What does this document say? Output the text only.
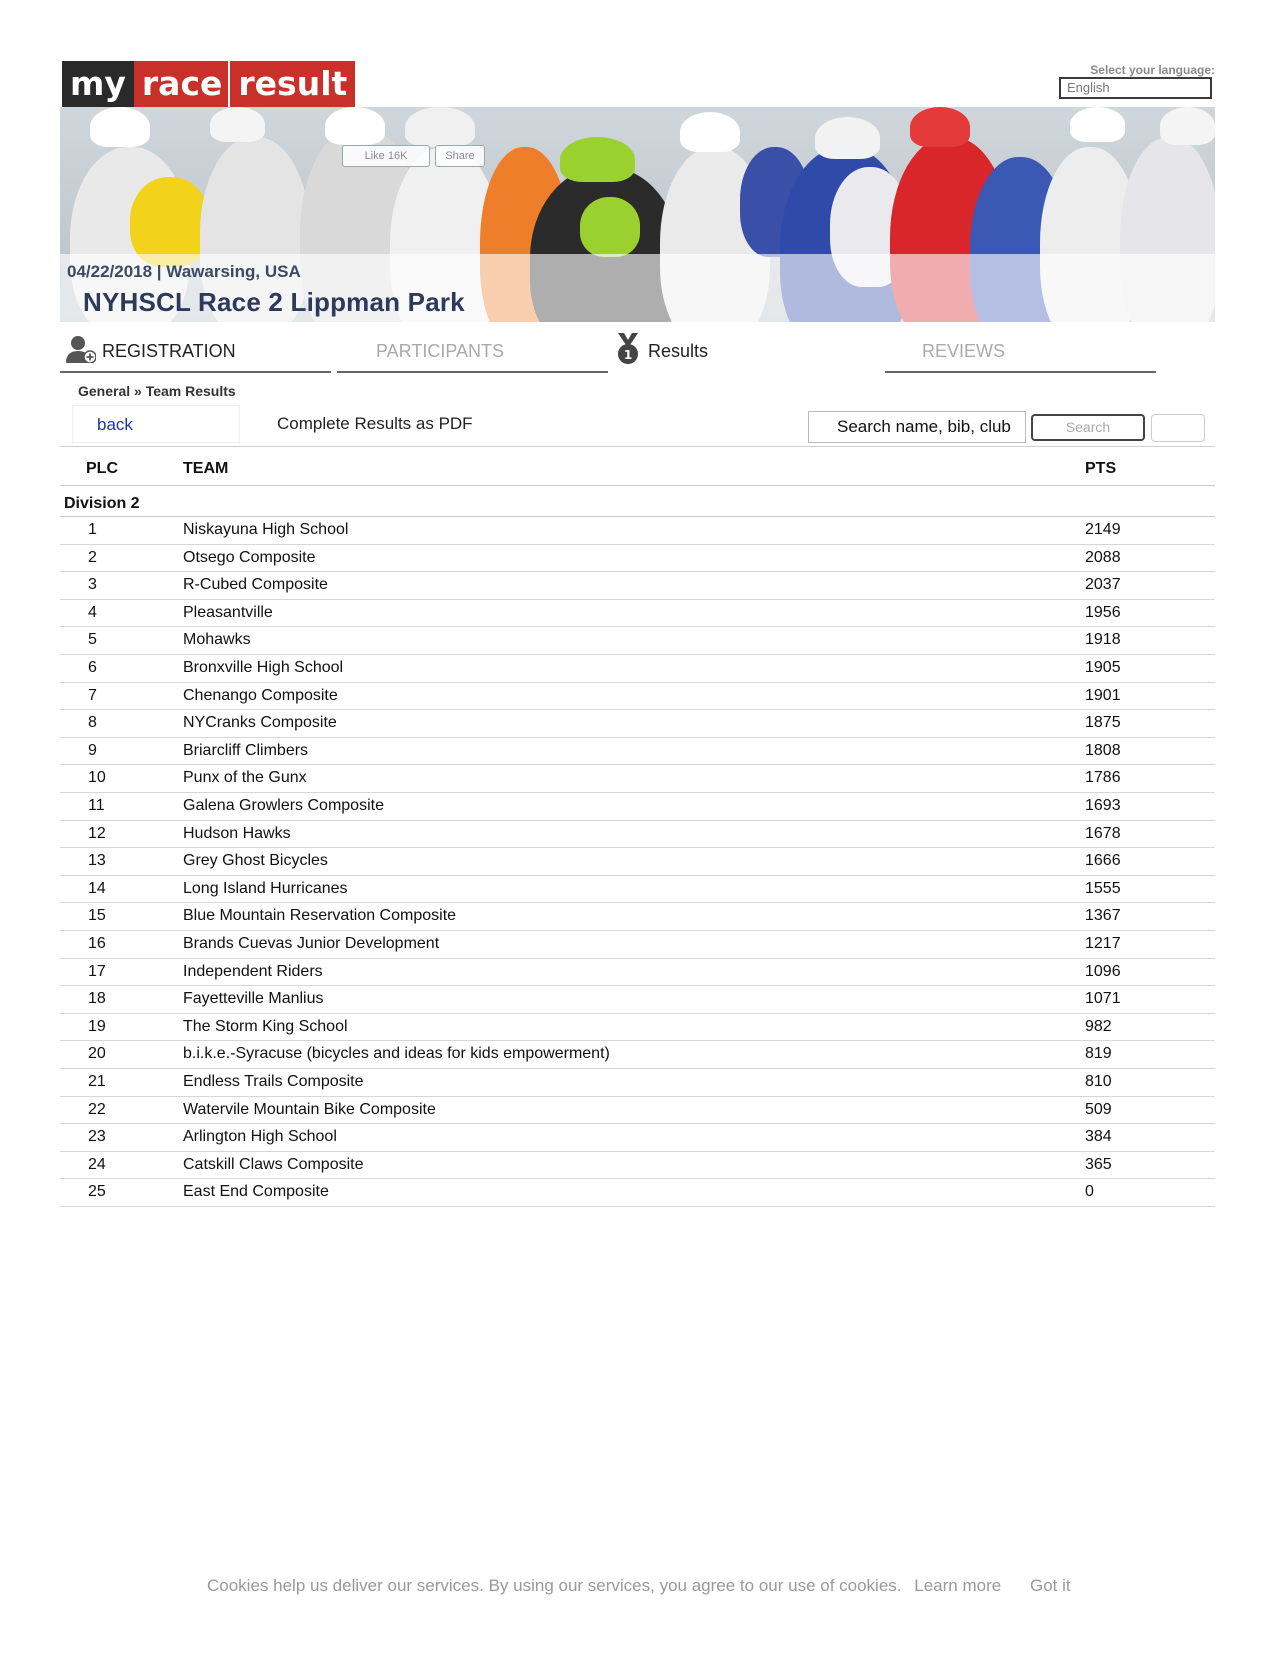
my race result	Select your language:
English
Like 16K	Share
04/22/2018 | Wawarsing, USA
NYHSCL Race 2 Lippman Park
REGISTRATION	PARTICIPANTS	1 Results	REVIEWS
General » Team Results
back	Complete Results as PDF	Search name, bib, club	Search
PLC	TEAM	PTS
Division 2
1	Niskayuna High School	2149
2	Otsego Composite	2088
3	R-Cubed Composite	2037
4	Pleasantville	1956
5	Mohawks	1918
6	Bronxville High School	1905
7	Chenango Composite	1901
8	NYCranks Composite	1875
9	Briarcliff Climbers	1808
10	Punx of the Gunx	1786
11	Galena Growlers Composite	1693
12	Hudson Hawks	1678
13	Grey Ghost Bicycles	1666
14	Long Island Hurricanes	1555
15	Blue Mountain Reservation Composite	1367
16	Brands Cuevas Junior Development	1217
17	Independent Riders	1096
18	Fayetteville Manlius	1071
19	The Storm King School	982
20	b.i.k.e.-Syracuse (bicycles and ideas for kids empowerment)	819
21	Endless Trails Composite	810
22	Watervile Mountain Bike Composite	509
23	Arlington High School	384
24	Catskill Claws Composite	365
25	East End Composite	0
Cookies help us deliver our services. By using our services, you agree to our use of cookies. Learn more Got it
